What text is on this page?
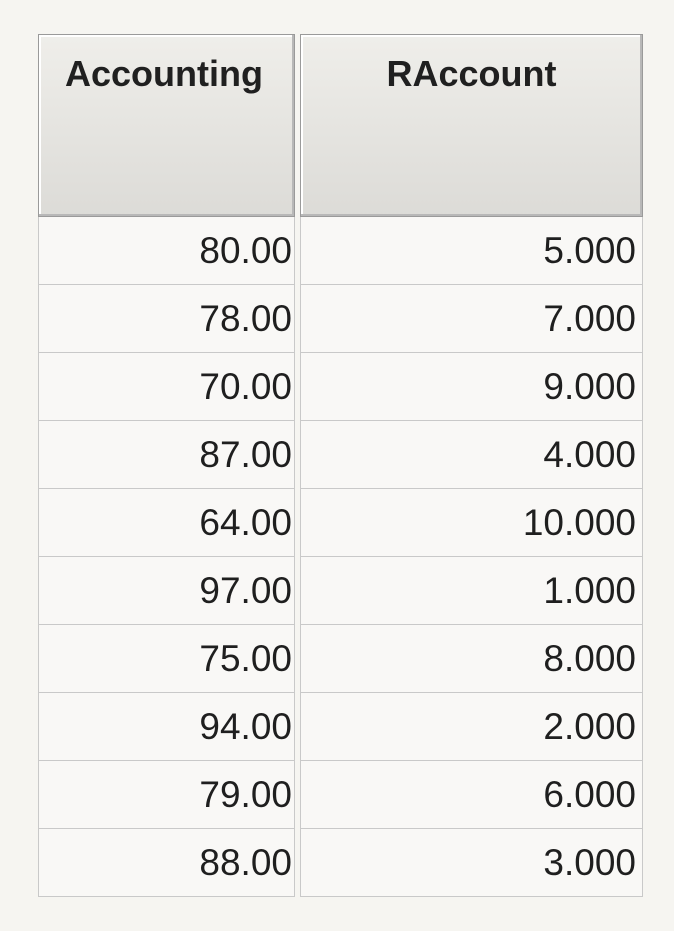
Accounting		RAccount
80.00		5.000
78.00		7.000
70.00		9.000
87.00		4.000
64.00		10.000
97.00		1.000
75.00		8.000
94.00		2.000
79.00		6.000
88.00		3.000
